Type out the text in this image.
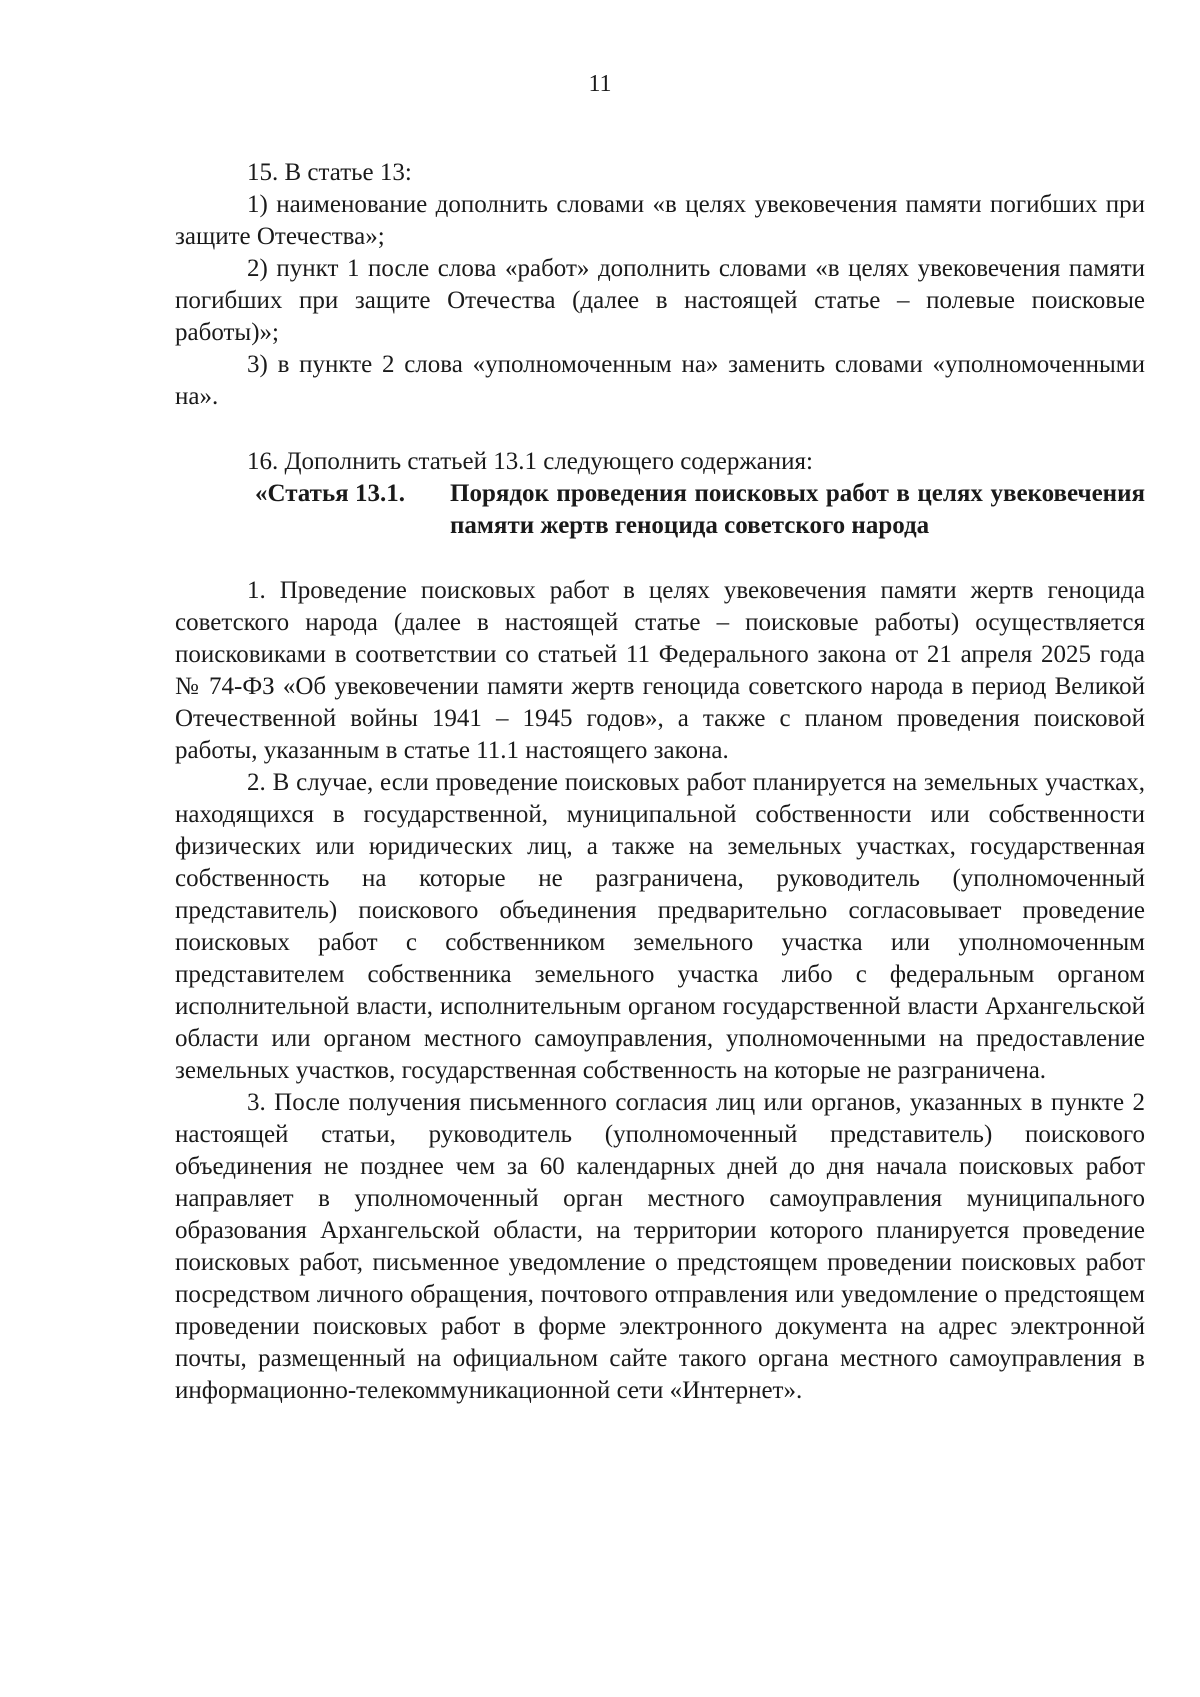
11

15. В статье 13:

1) наименование дополнить словами «в целях увековечения памяти погибших при защите Отечества»;

2) пункт 1 после слова «работ» дополнить словами «в целях увековечения памяти погибших при защите Отечества (далее в настоящей статье – полевые поисковые работы)»;

3) в пункте 2 слова «уполномоченным на» заменить словами «уполномоченными на».

16. Дополнить статьей 13.1 следующего содержания:

«Статья 13.1.	Порядок проведения поисковых работ в целях увековечения памяти жертв геноцида советского народа

1. Проведение поисковых работ в целях увековечения памяти жертв геноцида советского народа (далее в настоящей статье – поисковые работы) осуществляется поисковиками в соответствии со статьей 11 Федерального закона от 21 апреля 2025 года № 74-ФЗ «Об увековечении памяти жертв геноцида советского народа в период Великой Отечественной войны 1941 – 1945 годов», а также с планом проведения поисковой работы, указанным в статье 11.1 настоящего закона.

2. В случае, если проведение поисковых работ планируется на земельных участках, находящихся в государственной, муниципальной собственности или собственности физических или юридических лиц, а также на земельных участках, государственная собственность на которые не разграничена, руководитель (уполномоченный представитель) поискового объединения предварительно согласовывает проведение поисковых работ с собственником земельного участка или уполномоченным представителем собственника земельного участка либо с федеральным органом исполнительной власти, исполнительным органом государственной власти Архангельской области или органом местного самоуправления, уполномоченными на предоставление земельных участков, государственная собственность на которые не разграничена.

3. После получения письменного согласия лиц или органов, указанных в пункте 2 настоящей статьи, руководитель (уполномоченный представитель) поискового объединения не позднее чем за 60 календарных дней до дня начала поисковых работ направляет в уполномоченный орган местного самоуправления муниципального образования Архангельской области, на территории которого планируется проведение поисковых работ, письменное уведомление о предстоящем проведении поисковых работ посредством личного обращения, почтового отправления или уведомление о предстоящем проведении поисковых работ в форме электронного документа на адрес электронной почты, размещенный на официальном сайте такого органа местного самоуправления в информационно-телекоммуникационной сети «Интернет».
